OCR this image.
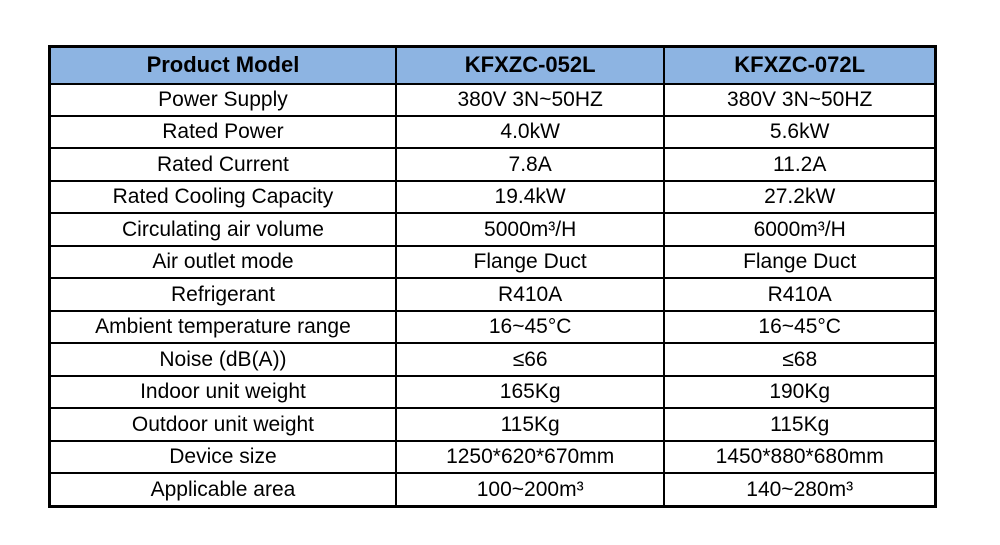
Product Model	KFXZC-052L	KFXZC-072L
Power Supply	380V 3N~50HZ	380V 3N~50HZ
Rated Power	4.0kW	5.6kW
Rated Current	7.8A	11.2A
Rated Cooling Capacity	19.4kW	27.2kW
Circulating air volume	5000m³/H	6000m³/H
Air outlet mode	Flange Duct	Flange Duct
Refrigerant	R410A	R410A
Ambient temperature range	16~45°C	16~45°C
Noise (dB(A))	≤66	≤68
Indoor unit weight	165Kg	190Kg
Outdoor unit weight	115Kg	115Kg
Device size	1250*620*670mm	1450*880*680mm
Applicable area	100~200m³	140~280m³
